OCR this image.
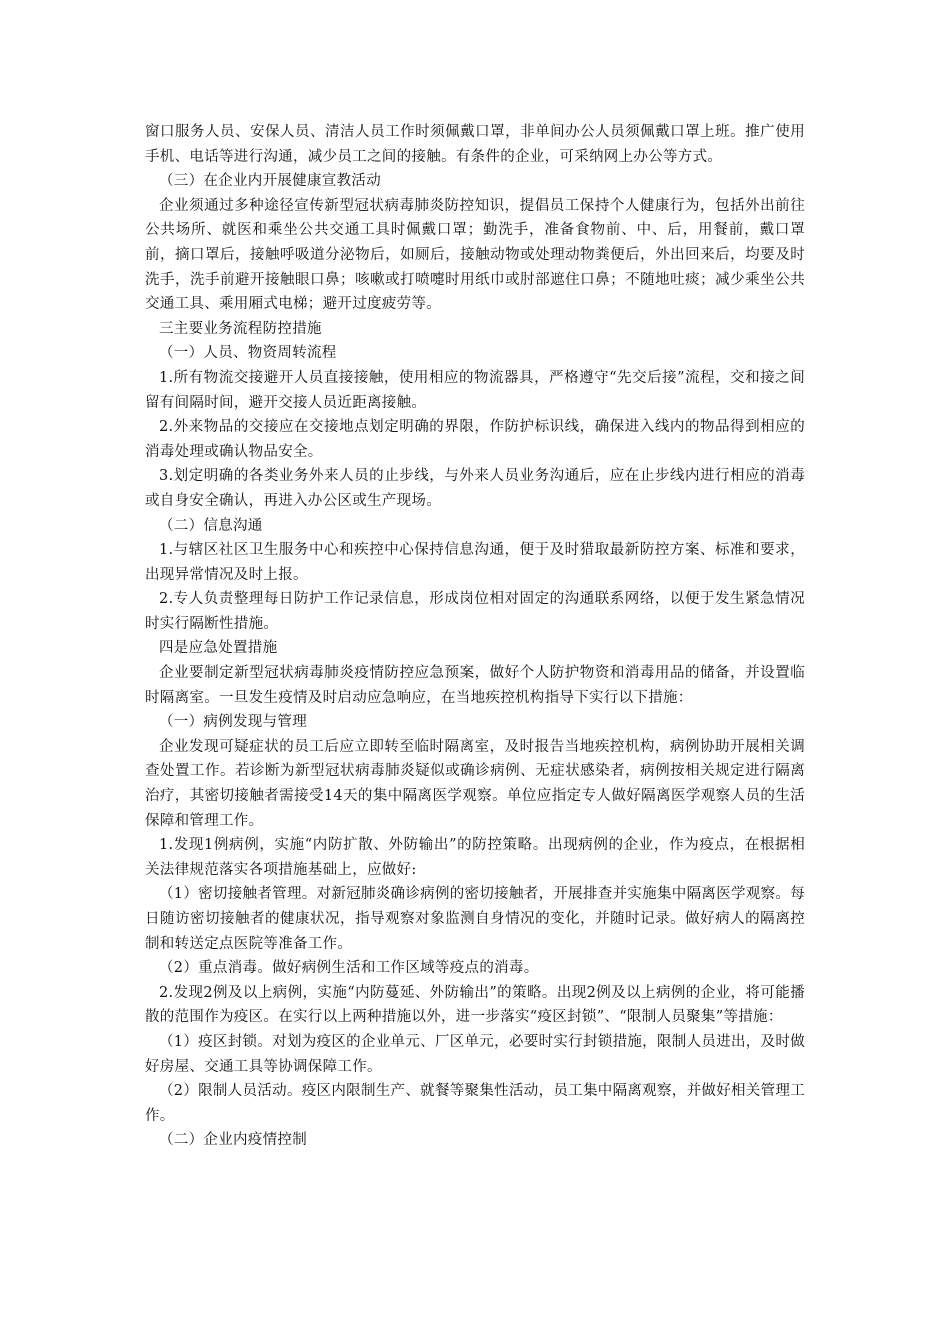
窗口服务人员、安保人员、清洁人员工作时须佩戴口罩，非单间办公人员须佩戴口罩上班。推广使用手机、电话等进行沟通，减少员工之间的接触。有条件的企业，可采纳网上办公等方式。

（三）在企业内开展健康宣教活动

企业须通过多种途径宣传新型冠状病毒肺炎防控知识，提倡员工保持个人健康行为，包括外出前往公共场所、就医和乘坐公共交通工具时佩戴口罩；勤洗手，准备食物前、中、后，用餐前，戴口罩前，摘口罩后，接触呼吸道分泌物后，如厕后，接触动物或处理动物粪便后，外出回来后，均要及时洗手，洗手前避开接触眼口鼻；咳嗽或打喷嚏时用纸巾或肘部遮住口鼻；不随地吐痰；减少乘坐公共交通工具、乘用厢式电梯；避开过度疲劳等。

三主要业务流程防控措施

（一）人员、物资周转流程

1.所有物流交接避开人员直接接触，使用相应的物流器具，严格遵守“先交后接”流程，交和接之间留有间隔时间，避开交接人员近距离接触。

2.外来物品的交接应在交接地点划定明确的界限，作防护标识线，确保进入线内的物品得到相应的消毒处理或确认物品安全。

3.划定明确的各类业务外来人员的止步线，与外来人员业务沟通后，应在止步线内进行相应的消毒或自身安全确认，再进入办公区或生产现场。

（二）信息沟通

1.与辖区社区卫生服务中心和疾控中心保持信息沟通，便于及时猎取最新防控方案、标准和要求，出现异常情况及时上报。

2.专人负责整理每日防护工作记录信息，形成岗位相对固定的沟通联系网络，以便于发生紧急情况时实行隔断性措施。

四是应急处置措施

企业要制定新型冠状病毒肺炎疫情防控应急预案，做好个人防护物资和消毒用品的储备，并设置临时隔离室。一旦发生疫情及时启动应急响应，在当地疾控机构指导下实行以下措施：

（一）病例发现与管理

企业发现可疑症状的员工后应立即转至临时隔离室，及时报告当地疾控机构，病例协助开展相关调查处置工作。若诊断为新型冠状病毒肺炎疑似或确诊病例、无症状感染者，病例按相关规定进行隔离治疗，其密切接触者需接受14天的集中隔离医学观察。单位应指定专人做好隔离医学观察人员的生活保障和管理工作。

1.发现1例病例，实施“内防扩散、外防输出”的防控策略。出现病例的企业，作为疫点，在根据相关法律规范落实各项措施基础上，应做好:

（1）密切接触者管理。对新冠肺炎确诊病例的密切接触者，开展排查并实施集中隔离医学观察。每日随访密切接触者的健康状况，指导观察对象监测自身情况的变化，并随时记录。做好病人的隔离控制和转送定点医院等准备工作。

（2）重点消毒。做好病例生活和工作区域等疫点的消毒。

2.发现2例及以上病例，实施“内防蔓延、外防输出”的策略。出现2例及以上病例的企业，将可能播散的范围作为疫区。在实行以上两种措施以外，进一步落实“疫区封锁”、“限制人员聚集”等措施：

（1）疫区封锁。对划为疫区的企业单元、厂区单元，必要时实行封锁措施，限制人员进出，及时做好房屋、交通工具等协调保障工作。

（2）限制人员活动。疫区内限制生产、就餐等聚集性活动，员工集中隔离观察，并做好相关管理工作。

（二）企业内疫情控制
